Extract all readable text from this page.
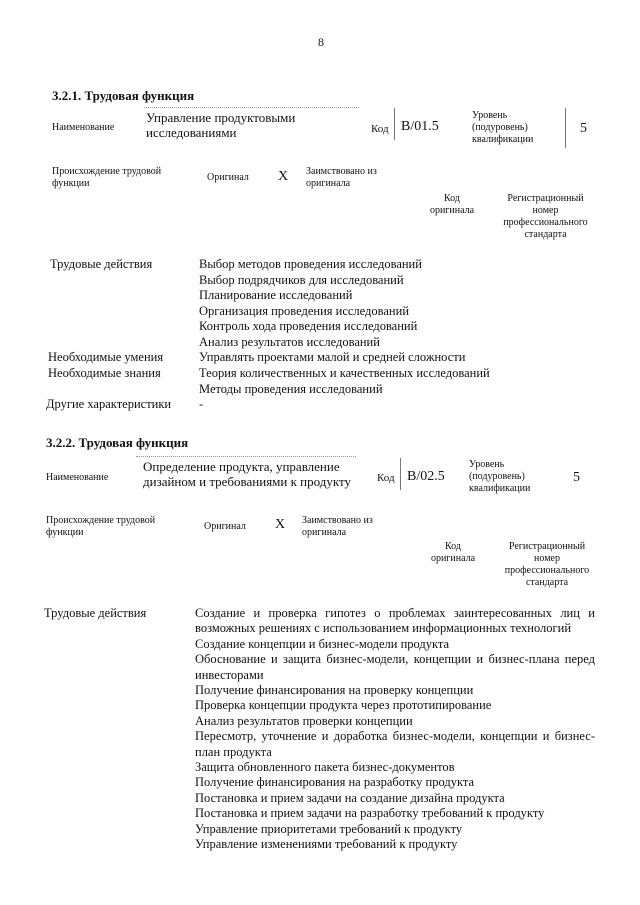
8
3.2.1. Трудовая функция
Наименование
Управление продуктовыми
исследованиями	Код B/01.5
Уровень
(подуровень)
квалификации
5
Происхождение трудовой
функции
Оригинал X Заимствовано из
оригинала
Код
оригинала
Регистрационный
номер
профессионального
стандарта
Трудовые действия	Выбор методов проведения исследований
Выбор подрядчиков для исследований
Планирование исследований
Организация проведения исследований
Контроль хода проведения исследований
Анализ результатов исследований
Необходимые умения	Управлять проектами малой и средней сложности
Необходимые знания	Теория количественных и качественных исследований
Методы проведения исследований
Другие характеристики -
3.2.2. Трудовая функция
Наименование
Определение продукта, управление
дизайном и требованиями к продукту Код B/02.5
Уровень
(подуровень)
квалификации
5
Происхождение трудовой
функции
Оригинал X Заимствовано из
оригинала
Код
оригинала
Регистрационный
номер
профессионального
стандарта
Трудовые действия	Создание и проверка гипотез о проблемах заинтересованных лиц и возможных решениях с использованием информационных технологий
Создание концепции и бизнес-модели продукта
Обоснование и защита бизнес-модели, концепции и бизнес-плана перед инвесторами
Получение финансирования на проверку концепции
Проверка концепции продукта через прототипирование
Анализ результатов проверки концепции
Пересмотр, уточнение и доработка бизнес-модели, концепции и бизнес-план продукта
Защита обновленного пакета бизнес-документов
Получение финансирования на разработку продукта
Постановка и прием задачи на создание дизайна продукта
Постановка и прием задачи на разработку требований к продукту
Управление приоритетами требований к продукту
Управление изменениями требований к продукту
